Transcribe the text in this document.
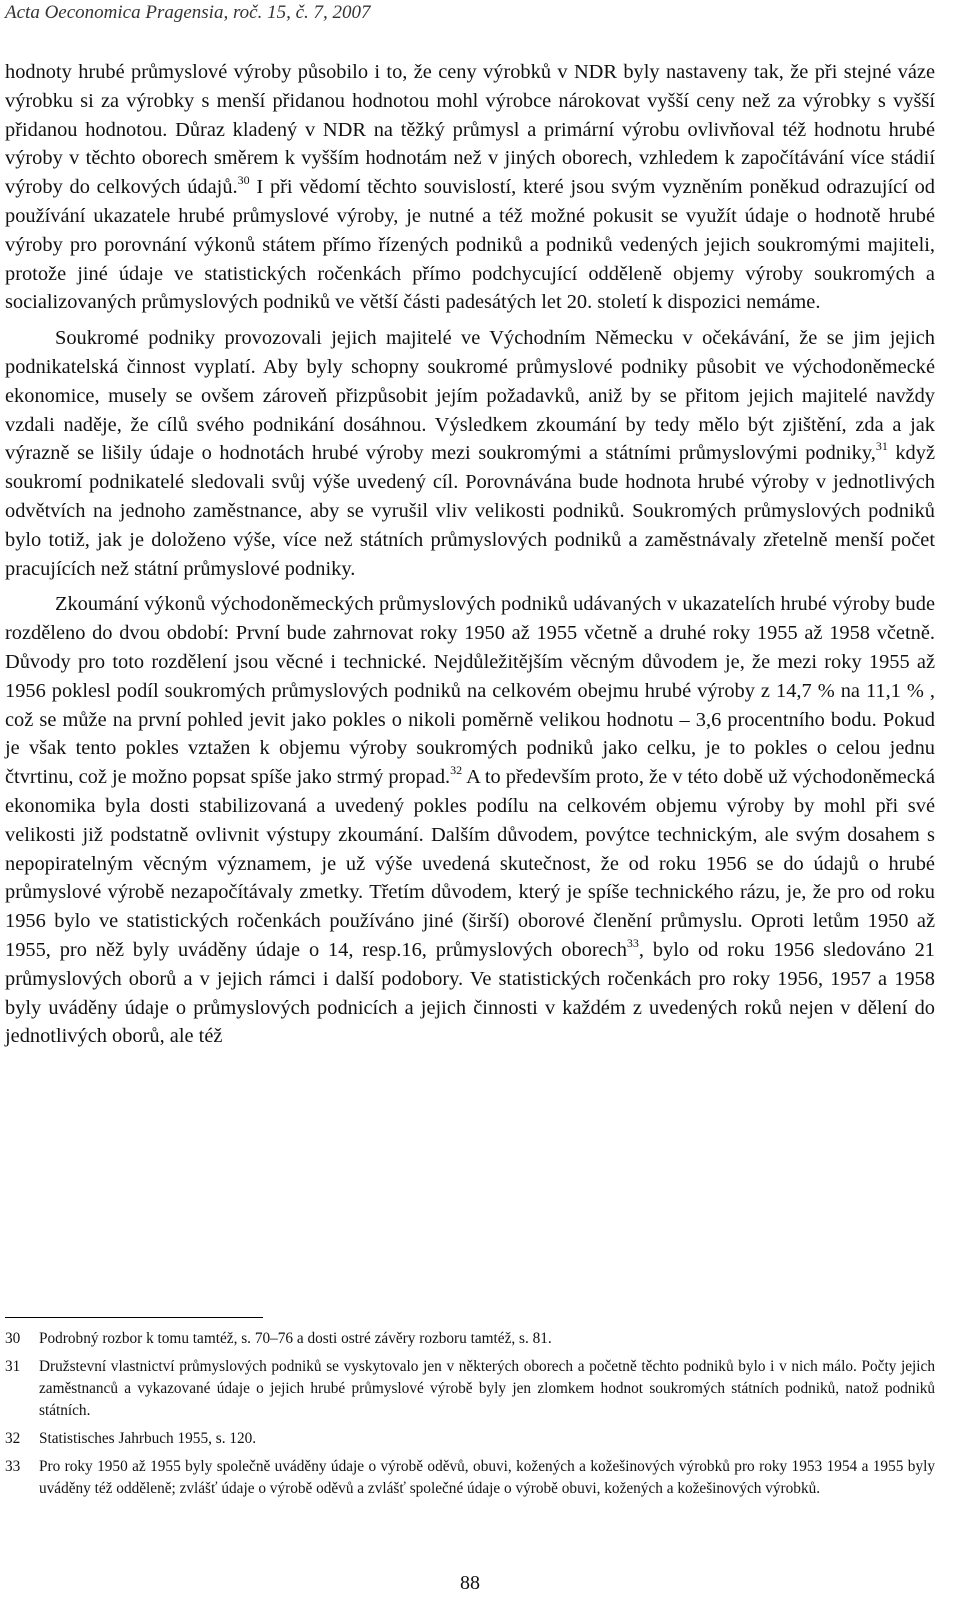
Acta Oeconomica Pragensia, roč. 15, č. 7, 2007

hodnoty hrubé průmyslové výroby působilo i to, že ceny výrobků v NDR byly nastaveny tak, že při stejné váze výrobku si za výrobky s menší přidanou hodnotou mohl výrobce nárokovat vyšší ceny než za výrobky s vyšší přidanou hodnotou. Důraz kladený v NDR na těžký průmysl a primární výrobu ovlivňoval též hodnotu hrubé výroby v těchto oborech směrem k vyšším hodnotám než v jiných oborech, vzhledem k započítávání více stádií výroby do celkových údajů.$^{30}$ I při vědomí těchto souvislostí, které jsou svým vyzněním poněkud odrazující od používání ukazatele hrubé průmyslové výroby, je nutné a též možné pokusit se využít údaje o hodnotě hrubé výroby pro porovnání výkonů státem přímo řízených podniků a podniků vedených jejich soukromými majiteli, protože jiné údaje ve statistických ročenkách přímo podchycující odděleně objemy výroby soukromých a socializovaných průmyslových podniků ve větší části padesátých let 20. století k dispozici nemáme.

Soukromé podniky provozovali jejich majitelé ve Východním Německu v očekávání, že se jim jejich podnikatelská činnost vyplatí. Aby byly schopny soukromé průmyslové podniky působit ve východoněmecké ekonomice, musely se ovšem zároveň přizpůsobit jejím požadavků, aniž by se přitom jejich majitelé navždy vzdali naděje, že cílů svého podnikání dosáhnou. Výsledkem zkoumání by tedy mělo být zjištění, zda a jak výrazně se lišily údaje o hodnotách hrubé výroby mezi soukromými a státními průmyslovými podniky,$^{31}$ když soukromí podnikatelé sledovali svůj výše uvedený cíl. Porovnávána bude hodnota hrubé výroby v jednotlivých odvětvích na jednoho zaměstnance, aby se vyrušil vliv velikosti podniků. Soukromých průmyslových podniků bylo totiž, jak je doloženo výše, více než státních průmyslových podniků a zaměstnávaly zřetelně menší počet pracujících než státní průmyslové podniky.

Zkoumání výkonů východoněmeckých průmyslových podniků udávaných v ukazatelích hrubé výroby bude rozděleno do dvou období: První bude zahrnovat roky 1950 až 1955 včetně a druhé roky 1955 až 1958 včetně. Důvody pro toto rozdělení jsou věcné i technické. Nejdůležitějším věcným důvodem je, že mezi roky 1955 až 1956 poklesl podíl soukromých průmyslových podniků na celkovém obejmu hrubé výroby z 14,7 % na 11,1 % , což se může na první pohled jevit jako pokles o nikoli poměrně velikou hodnotu – 3,6 procentního bodu. Pokud je však tento pokles vztažen k objemu výroby soukromých podniků jako celku, je to pokles o celou jednu čtvrtinu, což je možno popsat spíše jako strmý propad.$^{32}$ A to především proto, že v této době už východoněmecká ekonomika byla dosti stabilizovaná a uvedený pokles podílu na celkovém objemu výroby by mohl při své velikosti již podstatně ovlivnit výstupy zkoumání. Dalším důvodem, povýtce technickým, ale svým dosahem s nepopiratelným věcným významem, je už výše uvedená skutečnost, že od roku 1956 se do údajů o hrubé průmyslové výrobě nezapočítávaly zmetky. Třetím důvodem, který je spíše technického rázu, je, že pro od roku 1956 bylo ve statistických ročenkách používáno jiné (širší) oborové členění průmyslu. Oproti letům 1950 až 1955, pro něž byly uváděny údaje o 14, resp.16, průmyslových oborech$^{33}$, bylo od roku 1956 sledováno 21 průmyslových oborů a v jejich rámci i další podobory. Ve statistických ročenkách pro roky 1956, 1957 a 1958 byly uváděny údaje o průmyslových podnicích a jejich činnosti v každém z uvedených roků nejen v dělení do jednotlivých oborů, ale též

30	Podrobný rozbor k tomu tamtéž, s. 70–76 a dosti ostré závěry rozboru tamtéž, s. 81.
31	Družstevní vlastnictví průmyslových podniků se vyskytovalo jen v některých oborech a početně těchto podniků bylo i v nich málo. Počty jejich zaměstnanců a vykazované údaje o jejich hrubé průmyslové výrobě byly jen zlomkem hodnot soukromých státních podniků, natož podniků státních.
32	Statistisches Jahrbuch 1955, s. 120.
33	Pro roky 1950 až 1955 byly společně uváděny údaje o výrobě oděvů, obuvi, kožených a kožešinových výrobků pro roky 1953 1954 a 1955 byly uváděny též odděleně; zvlášť údaje o výrobě oděvů a zvlášť společné údaje o výrobě obuvi, kožených a kožešinových výrobků.
88
